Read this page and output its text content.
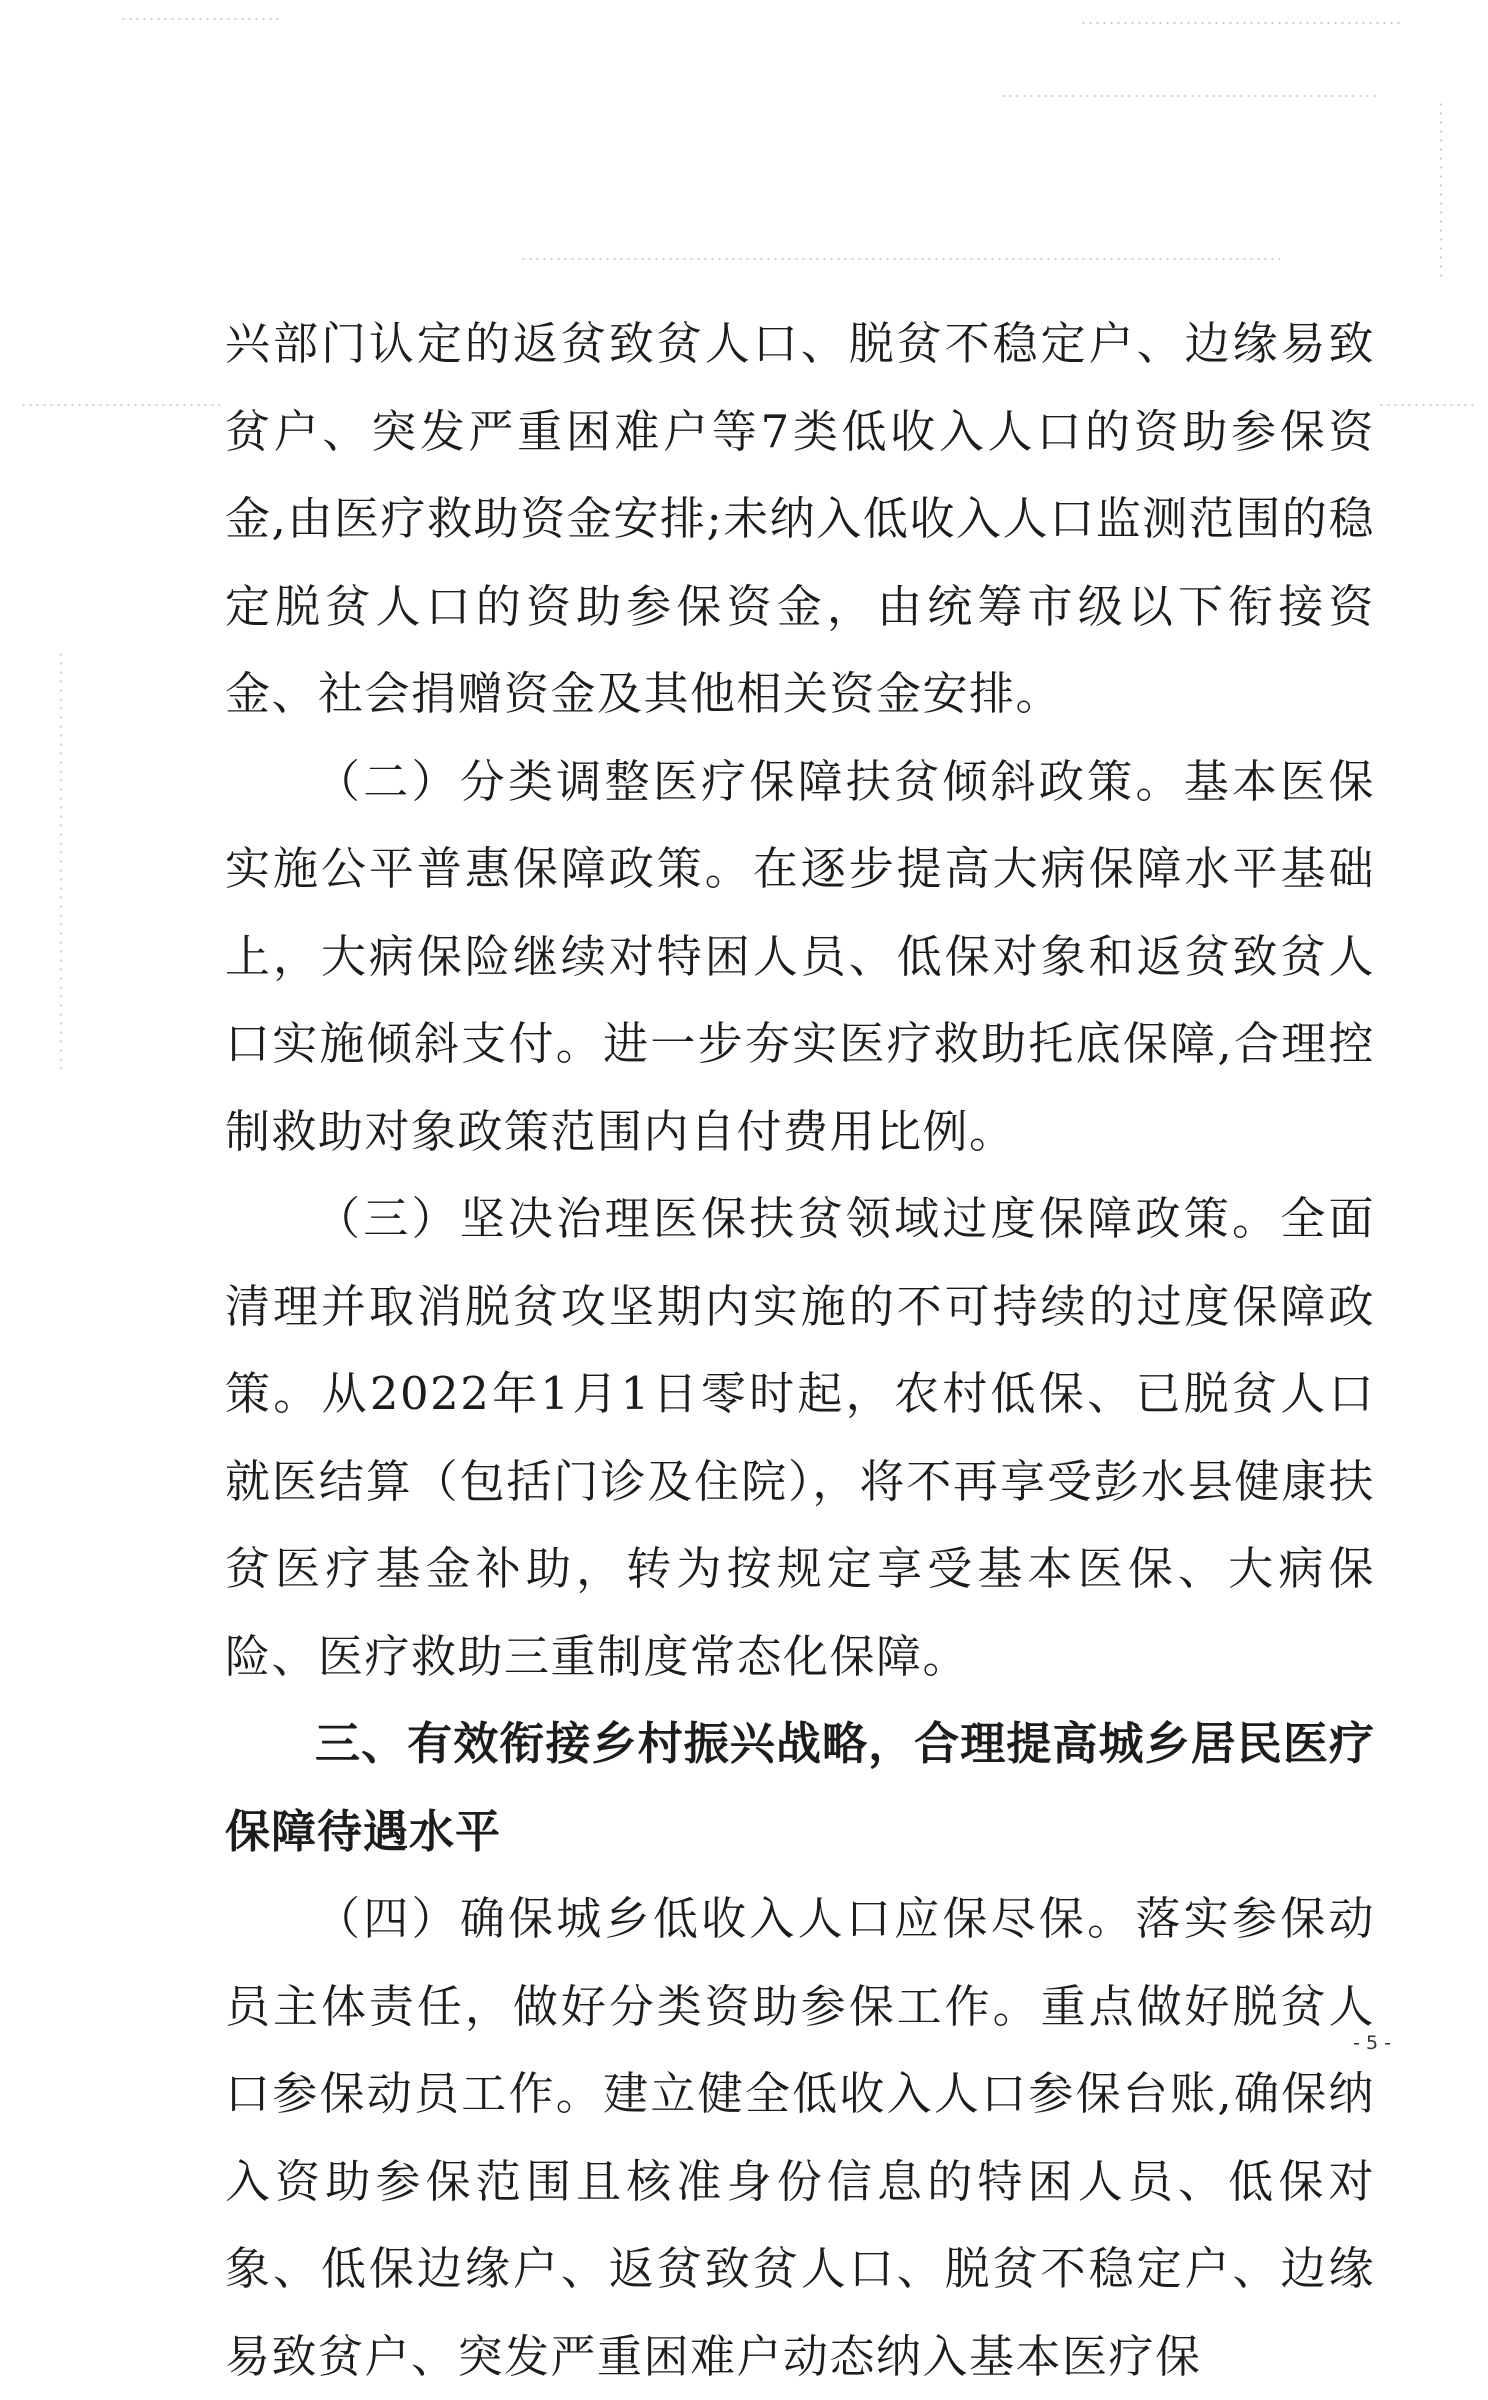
兴部门认定的返贫致贫人口、脱贫不稳定户、边缘易致贫户、突发严重困难户等7类低收入人口的资助参保资金,由医疗救助资金安排;未纳入低收入人口监测范围的稳定脱贫人口的资助参保资金，由统筹市级以下衔接资金、社会捐赠资金及其他相关资金安排。

（二）分类调整医疗保障扶贫倾斜政策。基本医保实施公平普惠保障政策。在逐步提高大病保障水平基础上，大病保险继续对特困人员、低保对象和返贫致贫人口实施倾斜支付。进一步夯实医疗救助托底保障,合理控制救助对象政策范围内自付费用比例。

（三）坚决治理医保扶贫领域过度保障政策。全面清理并取消脱贫攻坚期内实施的不可持续的过度保障政策。从2022年1月1日零时起，农村低保、已脱贫人口就医结算（包括门诊及住院），将不再享受彭水县健康扶贫医疗基金补助，转为按规定享受基本医保、大病保险、医疗救助三重制度常态化保障。

三、有效衔接乡村振兴战略，合理提高城乡居民医疗保障待遇水平

（四）确保城乡低收入人口应保尽保。落实参保动员主体责任，做好分类资助参保工作。重点做好脱贫人口参保动员工作。建立健全低收入人口参保台账,确保纳入资助参保范围且核准身份信息的特困人员、低保对象、低保边缘户、返贫致贫人口、脱贫不稳定户、边缘易致贫户、突发严重困难户动态纳入基本医疗保

- 5 -
